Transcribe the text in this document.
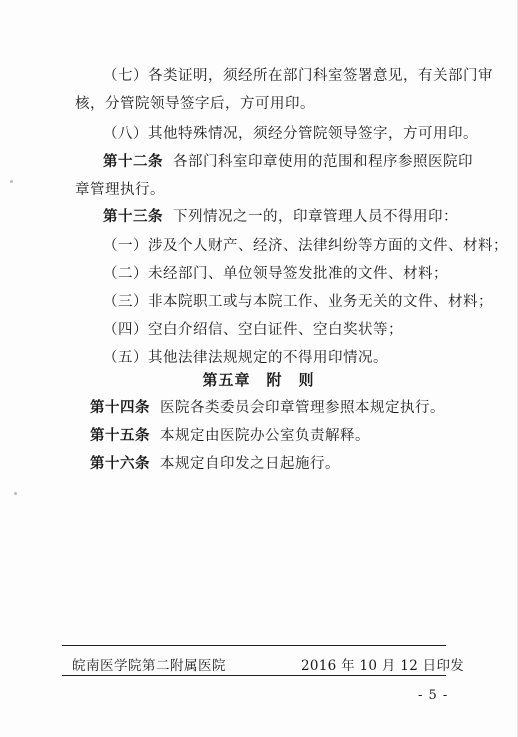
（七）各类证明，须经所在部门科室签署意见，有关部门审
核，分管院领导签字后，方可用印。
（八）其他特殊情况，须经分管院领导签字，方可用印。
第十二条 各部门科室印章使用的范围和程序参照医院印
章管理执行。
第十三条 下列情况之一的，印章管理人员不得用印：
（一）涉及个人财产、经济、法律纠纷等方面的文件、材料；
（二）未经部门、单位领导签发批准的文件、材料；
（三）非本院职工或与本院工作、业务无关的文件、材料；
（四）空白介绍信、空白证件、空白奖状等；
（五）其他法律法规规定的不得用印情况。
第五章　附　则
第十四条 医院各类委员会印章管理参照本规定执行。
第十五条 本规定由医院办公室负责解释。
第十六条 本规定自印发之日起施行。
皖南医学院第二附属医院	2016 年 10 月 12 日印发
- 5 -
